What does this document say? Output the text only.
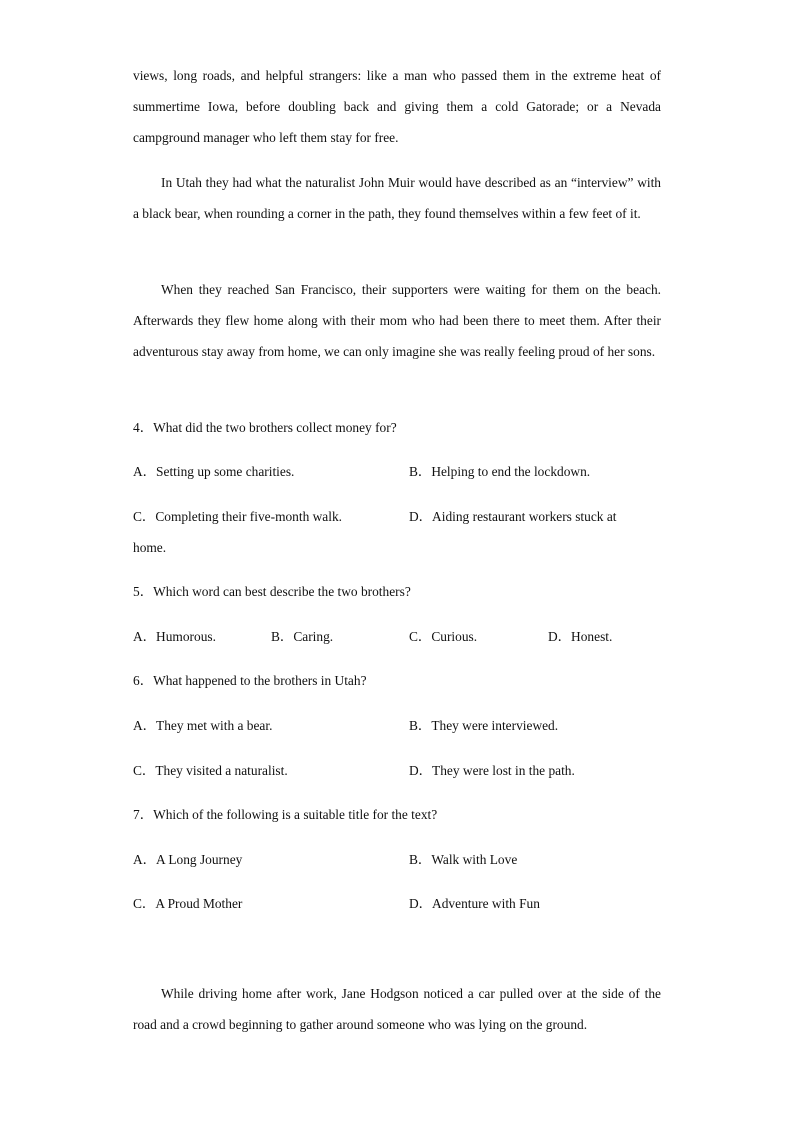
views, long roads, and helpful strangers: like a man who passed them in the extreme heat of summertime Iowa, before doubling back and giving them a cold Gatorade; or a Nevada campground manager who left them stay for free.

In Utah they had what the naturalist John Muir would have described as an “interview” with a black bear, when rounding a corner in the path, they found themselves within a few feet of it.

When they reached San Francisco, their supporters were waiting for them on the beach. Afterwards they flew home along with their mom who had been there to meet them. After their adventurous stay away from home, we can only imagine she was really feeling proud of her sons.

4．What did the two brothers collect money for?

A．Setting up some charities.	B．Helping to end the lockdown.

C．Completing their five-month walk.	D．Aiding restaurant workers stuck at

home.

5．Which word can best describe the two brothers?

A．Humorous.	B．Caring.	C．Curious.	D．Honest.

6．What happened to the brothers in Utah?

A．They met with a bear.	B．They were interviewed.

C．They visited a naturalist.	D．They were lost in the path.

7．Which of the following is a suitable title for the text?

A．A Long Journey	B．Walk with Love

C．A Proud Mother	D．Adventure with Fun

While driving home after work, Jane Hodgson noticed a car pulled over at the side of the road and a crowd beginning to gather around someone who was lying on the ground.
